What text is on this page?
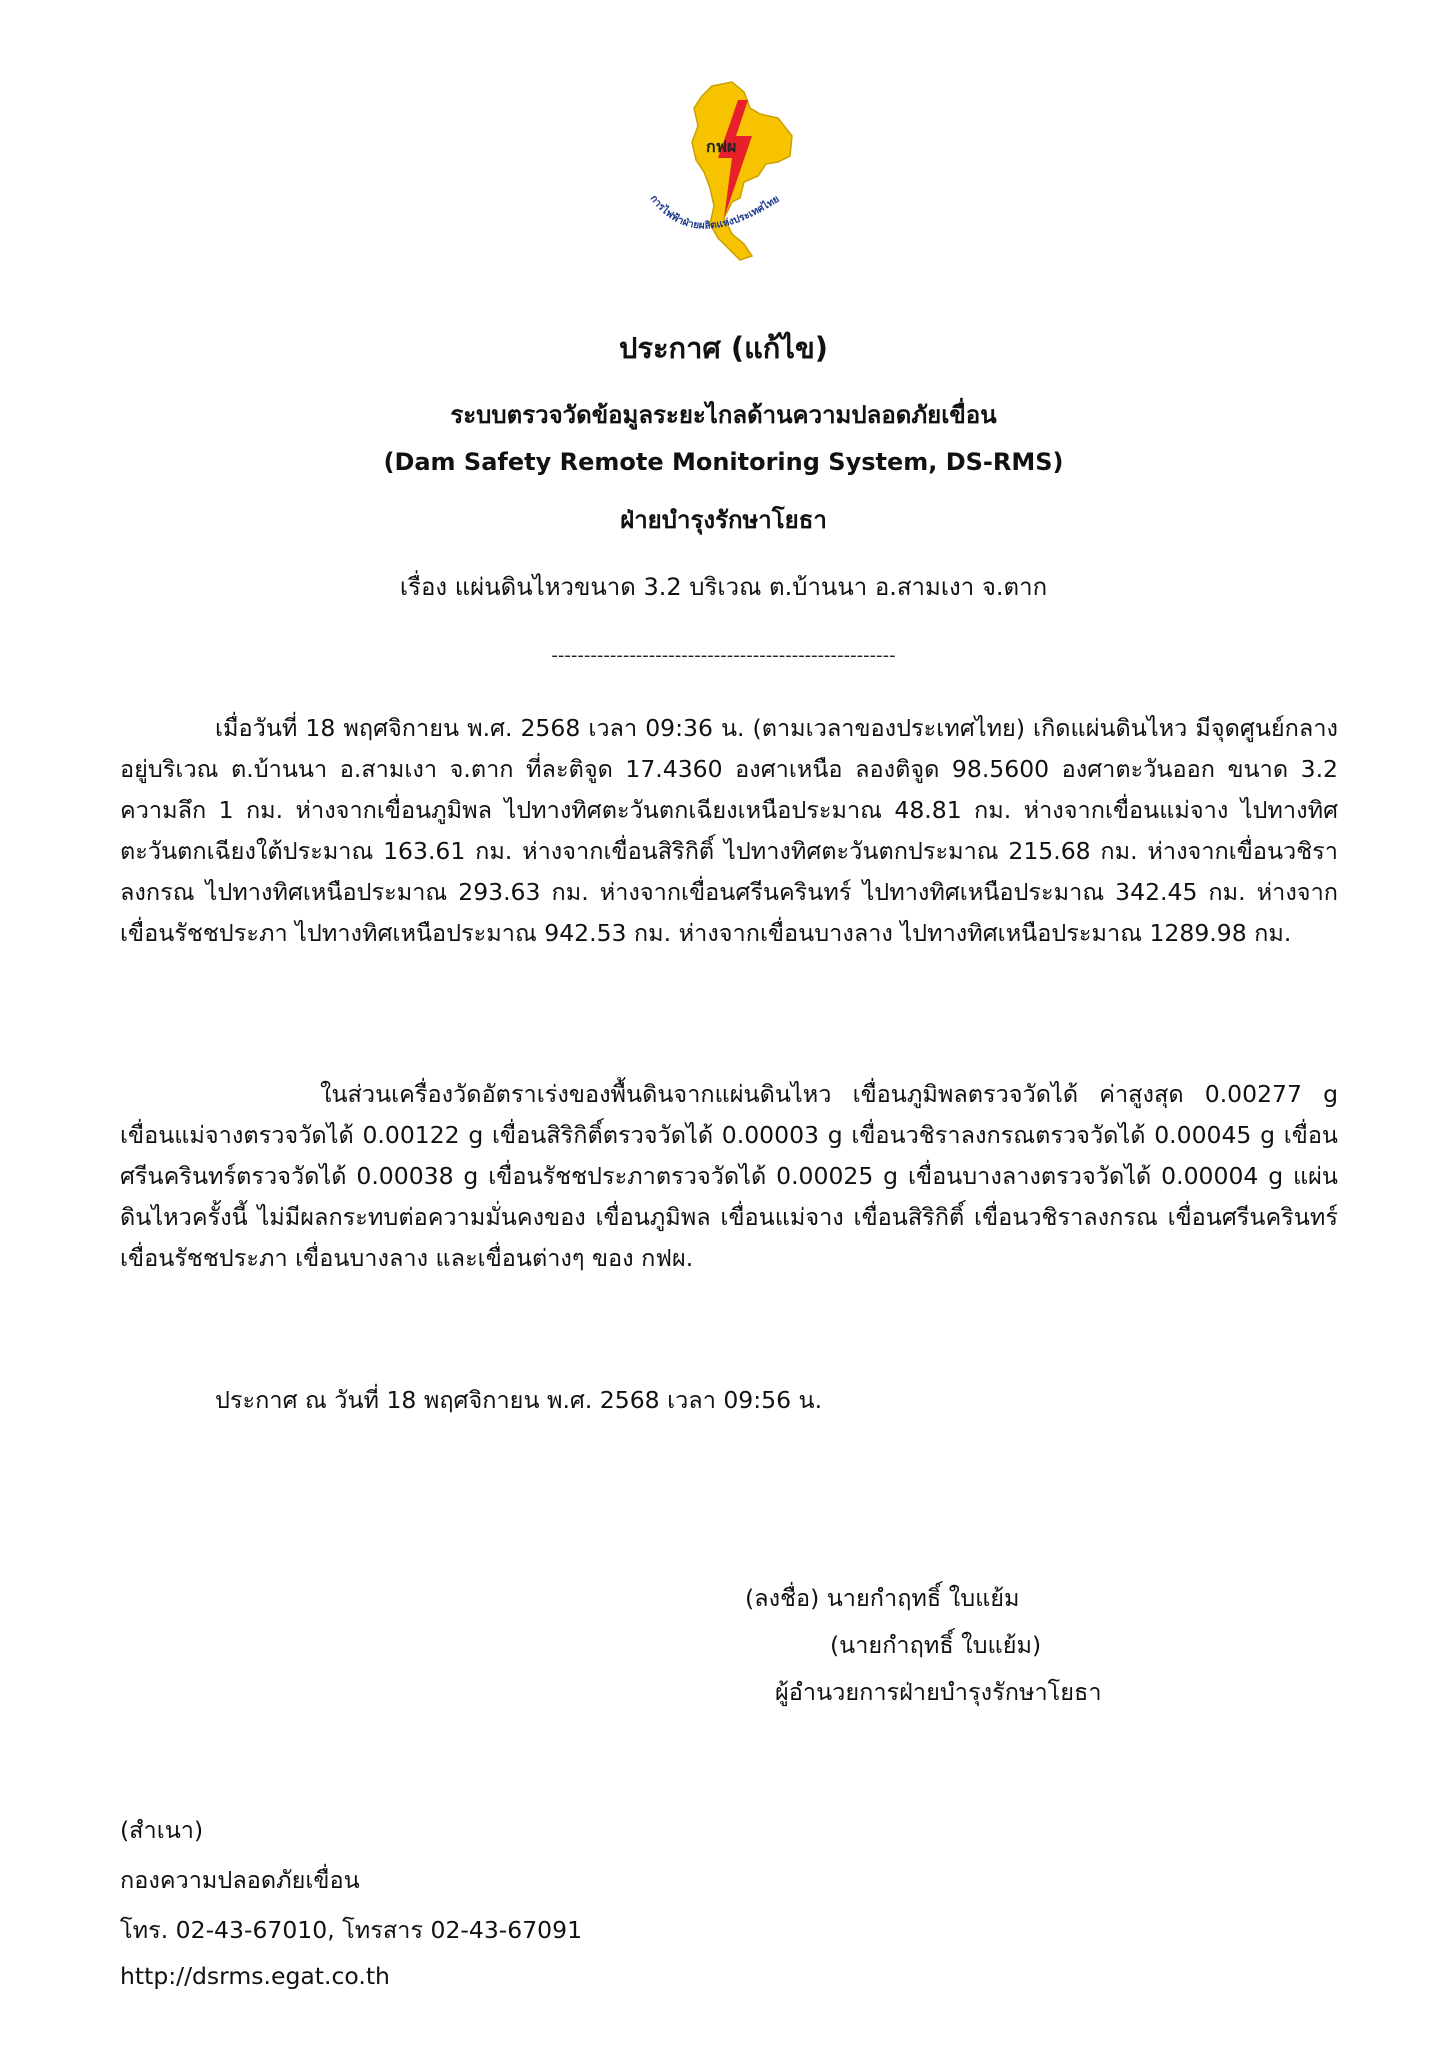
กฟผ
การไฟฟ้าฝ่ายผลิตแห่งประเทศไทย
ประกาศ (แก้ไข)
ระบบตรวจวัดข้อมูลระยะไกลด้านความปลอดภัยเขื่อน
(Dam Safety Remote Monitoring System, DS-RMS)
ฝ่ายบำรุงรักษาโยธา
เรื่อง แผ่นดินไหวขนาด 3.2 บริเวณ ต.บ้านนา อ.สามเงา จ.ตาก
-----------------------------------------------------
เมื่อวันที่ 18 พฤศจิกายน พ.ศ. 2568 เวลา 09:36 น. (ตามเวลาของประเทศไทย) เกิดแผ่นดินไหว มีจุดศูนย์กลางอยู่บริเวณ ต.บ้านนา อ.สามเงา จ.ตาก ที่ละติจูด 17.4360 องศาเหนือ ลองติจูด 98.5600 องศาตะวันออก ขนาด 3.2 ความลึก 1 กม. ห่างจากเขื่อนภูมิพล ไปทางทิศตะวันตกเฉียงเหนือประมาณ 48.81 กม. ห่างจากเขื่อนแม่จาง ไปทางทิศตะวันตกเฉียงใต้ประมาณ 163.61 กม. ห่างจากเขื่อนสิริกิติ์ ไปทางทิศตะวันตกประมาณ 215.68 กม. ห่างจากเขื่อนวชิราลงกรณ ไปทางทิศเหนือประมาณ 293.63 กม. ห่างจากเขื่อนศรีนครินทร์ ไปทางทิศเหนือประมาณ 342.45 กม. ห่างจากเขื่อนรัชชประภา ไปทางทิศเหนือประมาณ 942.53 กม. ห่างจากเขื่อนบางลาง ไปทางทิศเหนือประมาณ 1289.98 กม.
ในส่วนเครื่องวัดอัตราเร่งของพื้นดินจากแผ่นดินไหว เขื่อนภูมิพลตรวจวัดได้ ค่าสูงสุด 0.00277 g เขื่อนแม่จางตรวจวัดได้ 0.00122 g เขื่อนสิริกิติ์ตรวจวัดได้ 0.00003 g เขื่อนวชิราลงกรณตรวจวัดได้ 0.00045 g เขื่อนศรีนครินทร์ตรวจวัดได้ 0.00038 g เขื่อนรัชชประภาตรวจวัดได้ 0.00025 g เขื่อนบางลางตรวจวัดได้ 0.00004 g แผ่นดินไหวครั้งนี้ ไม่มีผลกระทบต่อความมั่นคงของ เขื่อนภูมิพล เขื่อนแม่จาง เขื่อนสิริกิติ์ เขื่อนวชิราลงกรณ เขื่อนศรีนครินทร์ เขื่อนรัชชประภา เขื่อนบางลาง และเขื่อนต่างๆ ของ กฟผ.
ประกาศ ณ วันที่ 18 พฤศจิกายน พ.ศ. 2568 เวลา 09:56 น.
(ลงชื่อ) นายกำฤทธิ์ ใบแย้ม
(นายกำฤทธิ์ ใบแย้ม)
ผู้อำนวยการฝ่ายบำรุงรักษาโยธา
(สำเนา)
กองความปลอดภัยเขื่อน
โทร. 02-43-67010, โทรสาร 02-43-67091
http://dsrms.egat.co.th
